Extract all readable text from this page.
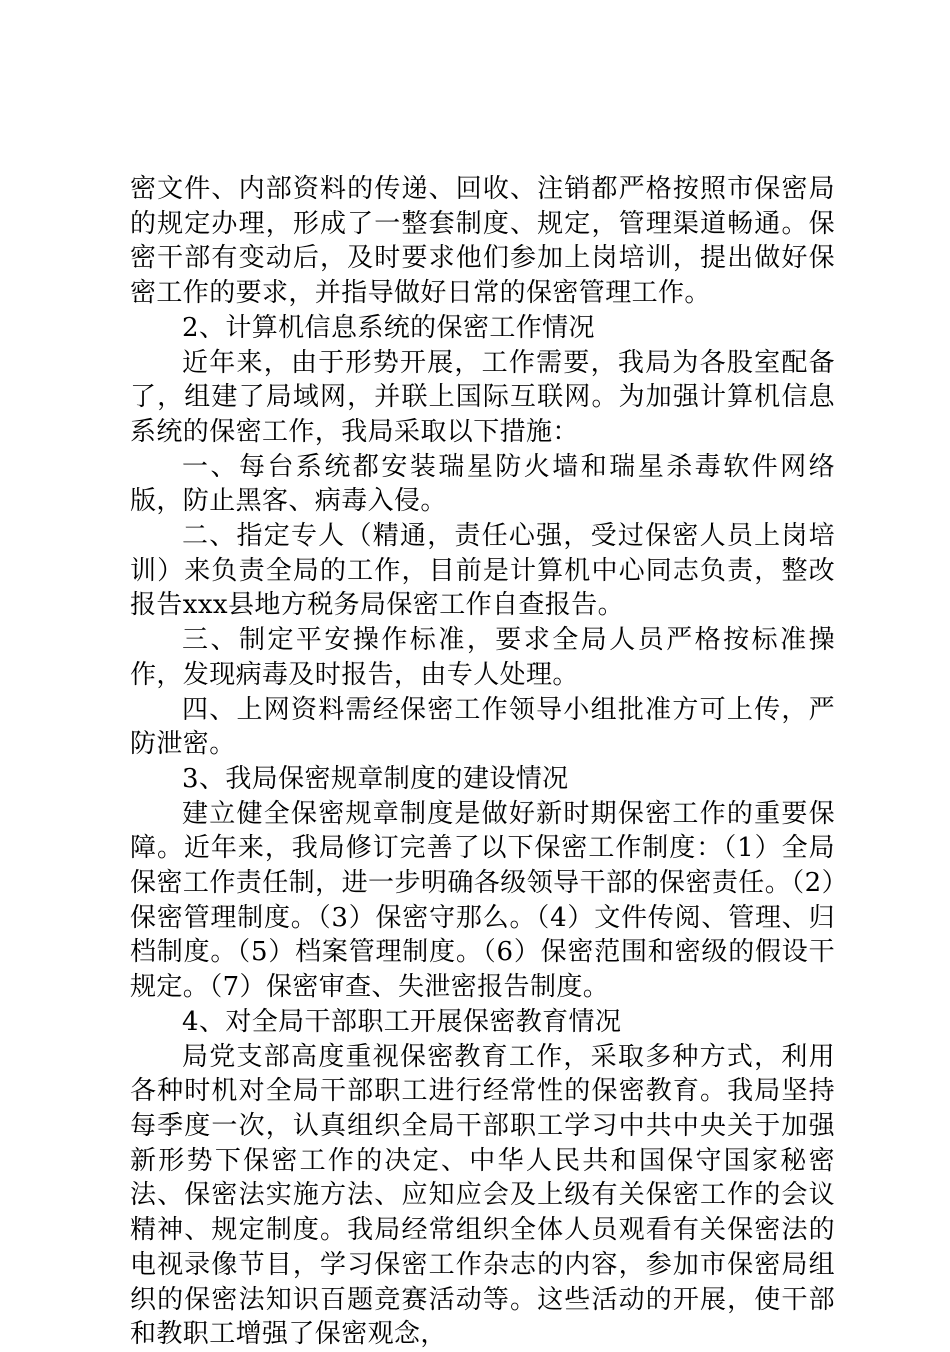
密文件、内部资料的传递、回收、注销都严格按照市保密局的规定办理，形成了一整套制度、规定，管理渠道畅通。保密干部有变动后，及时要求他们参加上岗培训，提出做好保密工作的要求，并指导做好日常的保密管理工作。

2、计算机信息系统的保密工作情况

近年来，由于形势开展，工作需要，我局为各股室配备了，组建了局域网，并联上国际互联网。为加强计算机信息系统的保密工作，我局采取以下措施：

一、每台系统都安装瑞星防火墙和瑞星杀毒软件网络版，防止黑客、病毒入侵。

二、指定专人（精通，责任心强，受过保密人员上岗培训）来负责全局的工作，目前是计算机中心同志负责，整改报告xxx县地方税务局保密工作自查报告。

三、制定平安操作标准，要求全局人员严格按标准操作，发现病毒及时报告，由专人处理。

四、上网资料需经保密工作领导小组批准方可上传，严防泄密。

3、我局保密规章制度的建设情况

建立健全保密规章制度是做好新时期保密工作的重要保障。近年来，我局修订完善了以下保密工作制度：（1）全局保密工作责任制，进一步明确各级领导干部的保密责任。（2）保密管理制度。（3）保密守那么。（4）文件传阅、管理、归档制度。（5）档案管理制度。（6）保密范围和密级的假设干规定。（7）保密审查、失泄密报告制度。

4、对全局干部职工开展保密教育情况

局党支部高度重视保密教育工作，采取多种方式，利用各种时机对全局干部职工进行经常性的保密教育。我局坚持每季度一次，认真组织全局干部职工学习中共中央关于加强新形势下保密工作的决定、中华人民共和国保守国家秘密法、保密法实施方法、应知应会及上级有关保密工作的会议精神、规定制度。我局经常组织全体人员观看有关保密法的电视录像节目，学习保密工作杂志的内容，参加市保密局组织的保密法知识百题竞赛活动等。这些活动的开展，使干部和教职工增强了保密观念，
